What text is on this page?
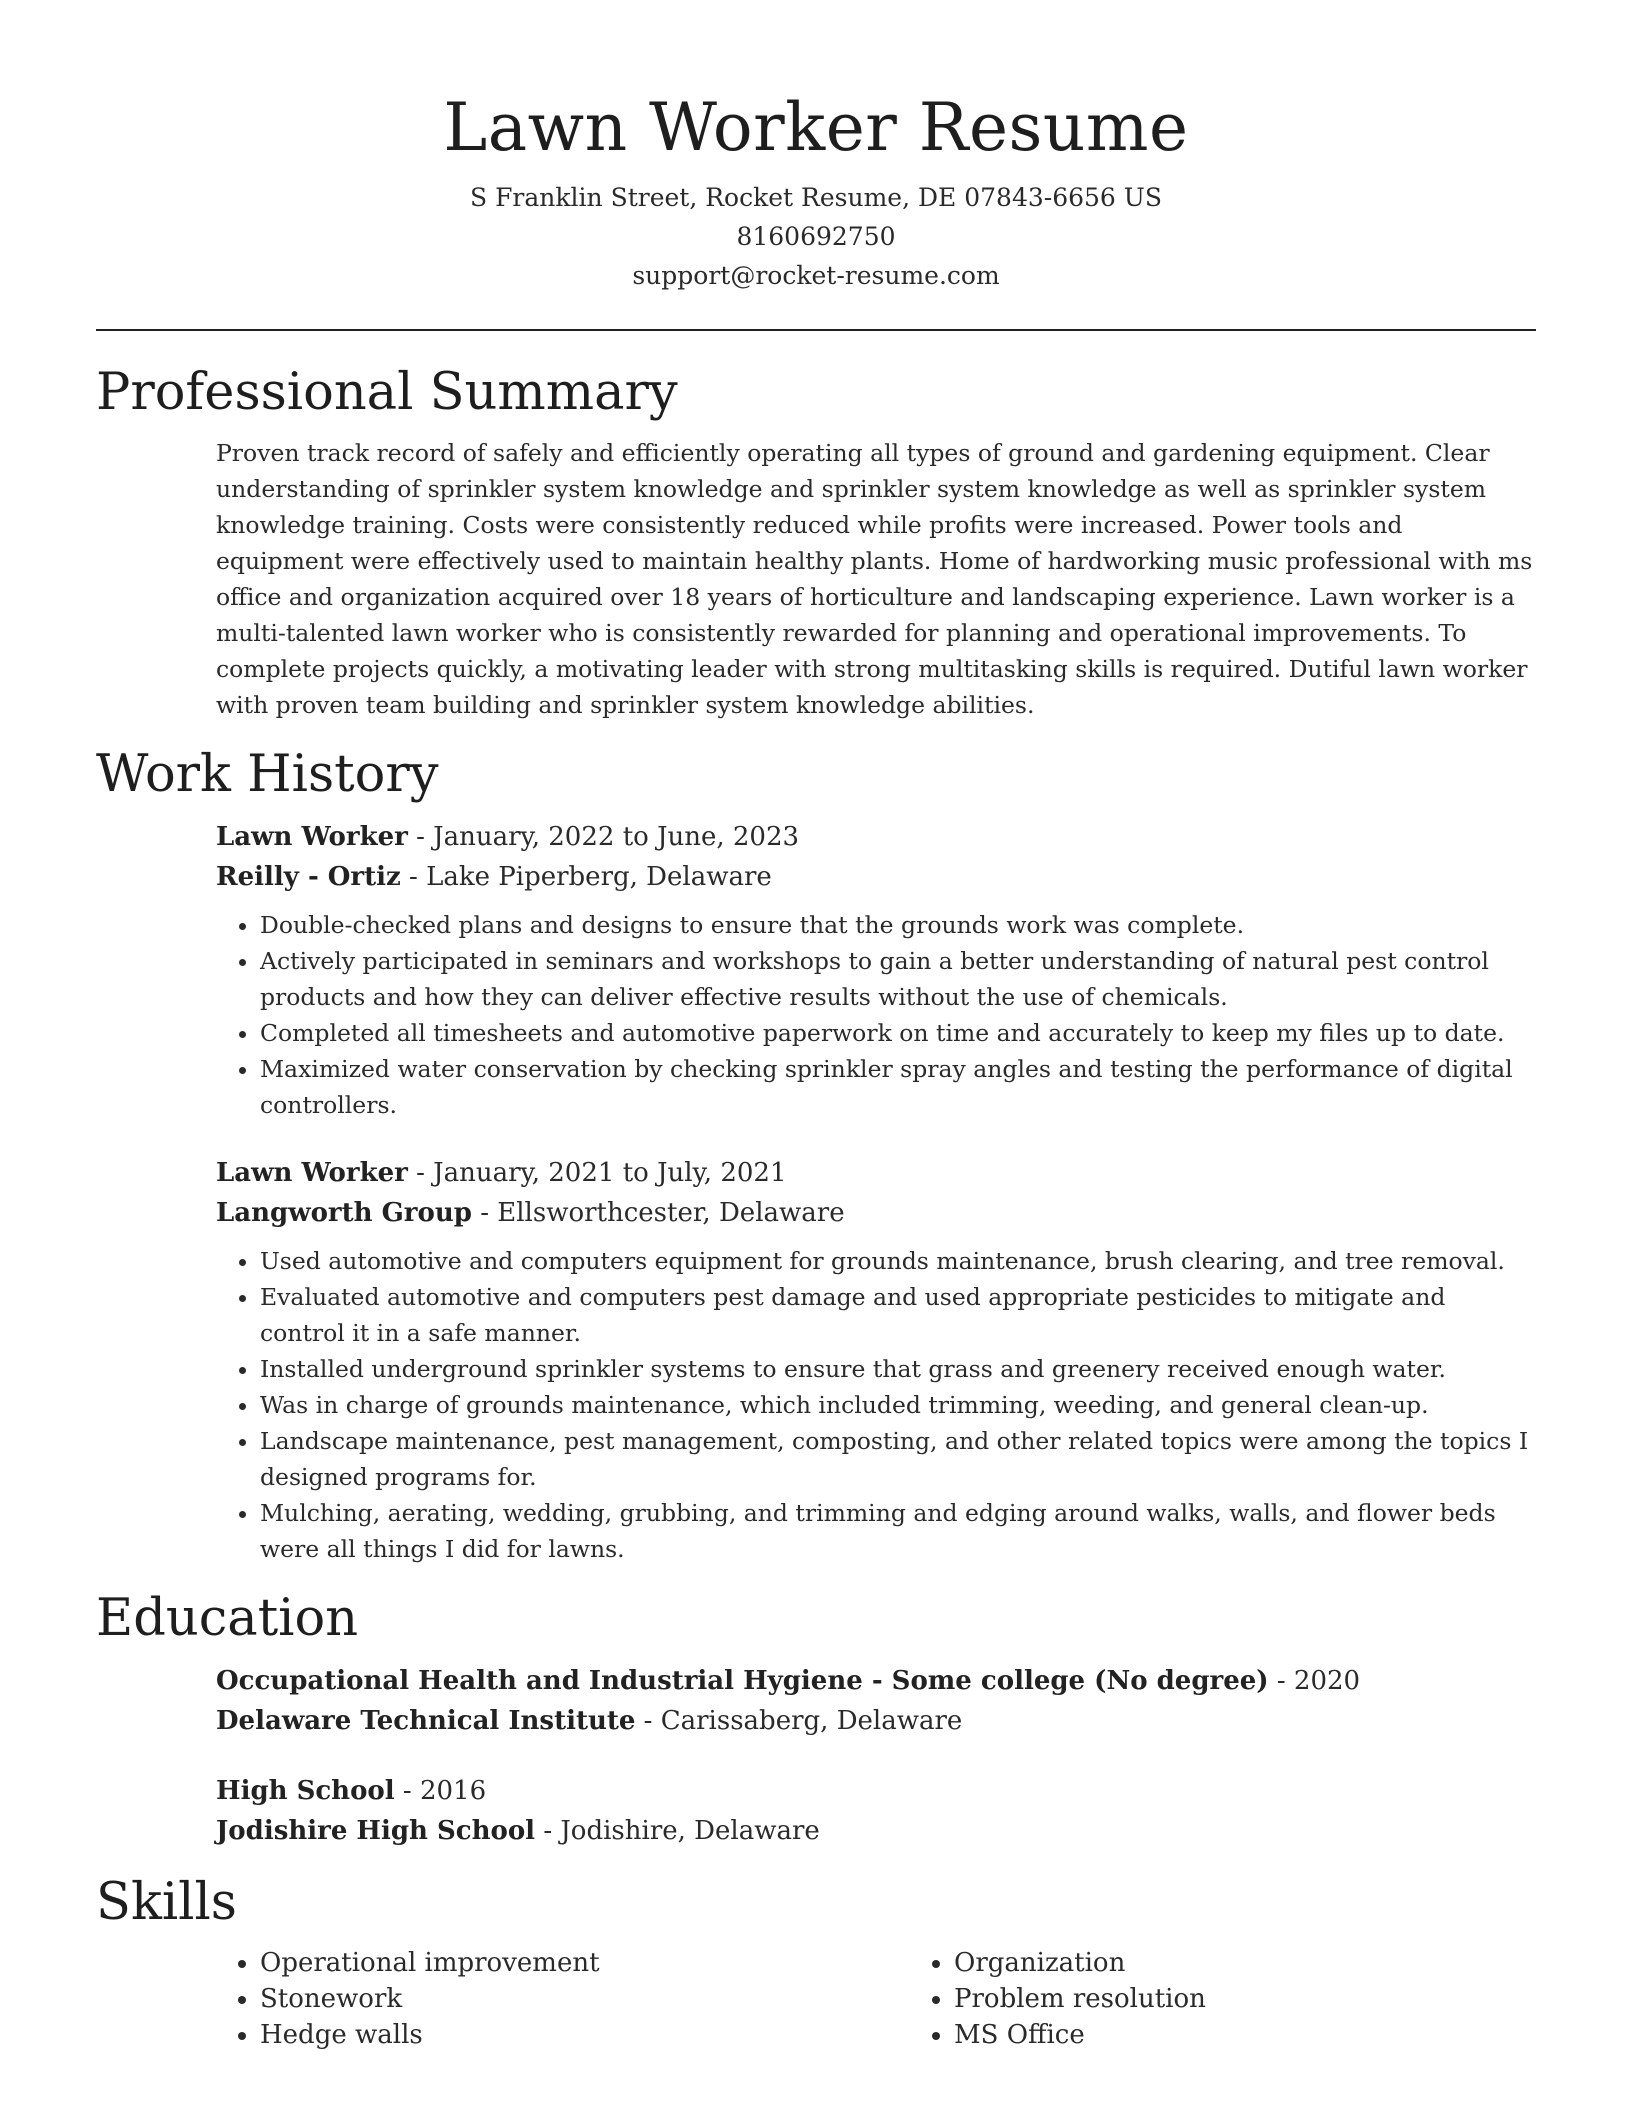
Lawn Worker Resume
S Franklin Street, Rocket Resume, DE 07843-6656 US
8160692750
support@rocket-resume.com
Professional Summary

Proven track record of safely and efficiently operating all types of ground and gardening equipment. Clear understanding of sprinkler system knowledge and sprinkler system knowledge as well as sprinkler system knowledge training. Costs were consistently reduced while profits were increased. Power tools and equipment were effectively used to maintain healthy plants. Home of hardworking music professional with ms office and organization acquired over 18 years of horticulture and landscaping experience. Lawn worker is a multi-talented lawn worker who is consistently rewarded for planning and operational improvements. To complete projects quickly, a motivating leader with strong multitasking skills is required. Dutiful lawn worker with proven team building and sprinkler system knowledge abilities.

Work History
Lawn Worker - January, 2022 to June, 2023
Reilly - Ortiz - Lake Piperberg, Delaware
• Double-checked plans and designs to ensure that the grounds work was complete.
• Actively participated in seminars and workshops to gain a better understanding of natural pest control products and how they can deliver effective results without the use of chemicals.
• Completed all timesheets and automotive paperwork on time and accurately to keep my files up to date.
• Maximized water conservation by checking sprinkler spray angles and testing the performance of digital controllers.
Lawn Worker - January, 2021 to July, 2021
Langworth Group - Ellsworthcester, Delaware
• Used automotive and computers equipment for grounds maintenance, brush clearing, and tree removal.
• Evaluated automotive and computers pest damage and used appropriate pesticides to mitigate and control it in a safe manner.
• Installed underground sprinkler systems to ensure that grass and greenery received enough water.
• Was in charge of grounds maintenance, which included trimming, weeding, and general clean-up.
• Landscape maintenance, pest management, composting, and other related topics were among the topics I designed programs for.
• Mulching, aerating, wedding, grubbing, and trimming and edging around walks, walls, and flower beds were all things I did for lawns.
Education
Occupational Health and Industrial Hygiene - Some college (No degree) - 2020
Delaware Technical Institute - Carissaberg, Delaware
High School - 2016
Jodishire High School - Jodishire, Delaware
Skills
• Operational improvement
• Stonework
• Hedge walls
• Organization
• Problem resolution
• MS Office
